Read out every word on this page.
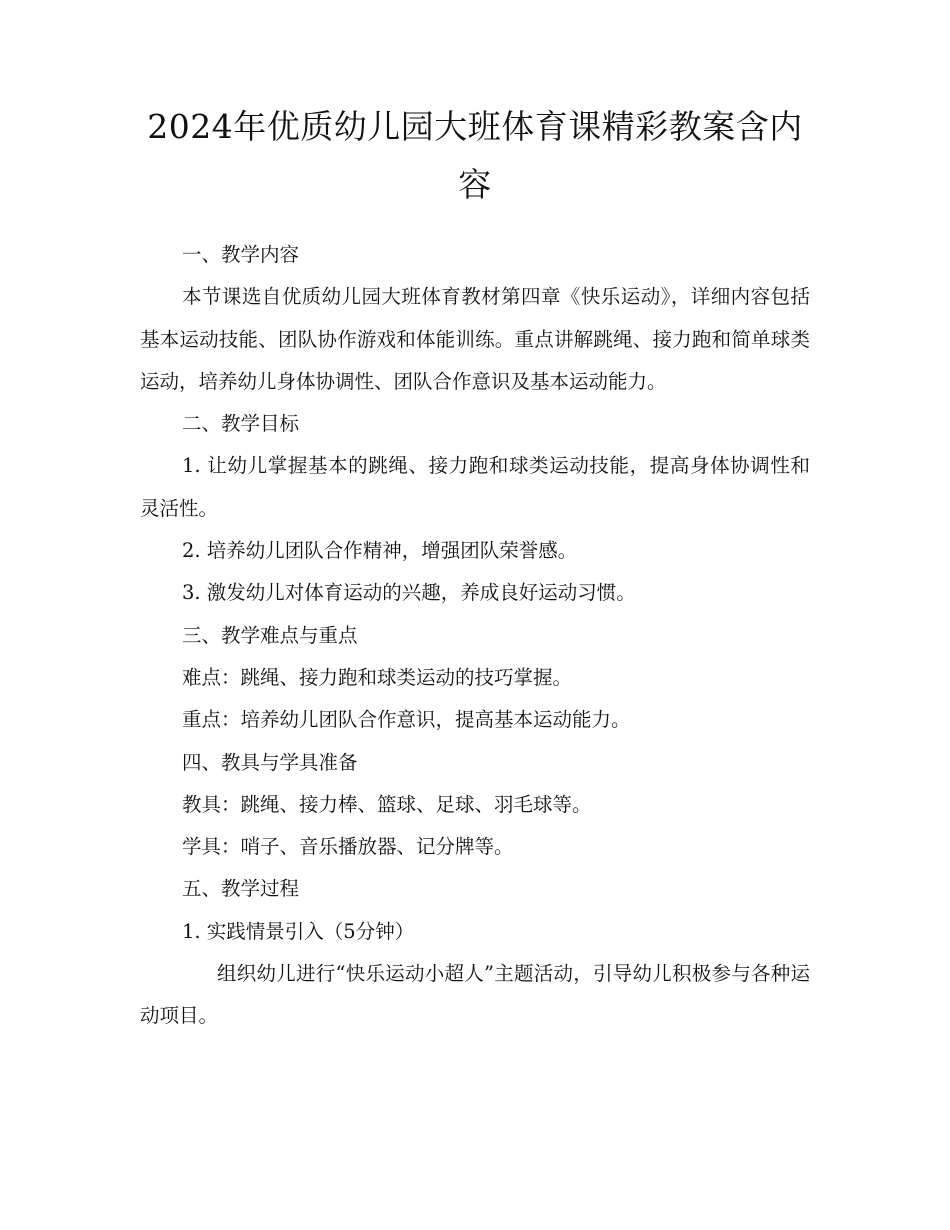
2024年优质幼儿园大班体育课精彩教案含内容

一、教学内容

本节课选自优质幼儿园大班体育教材第四章《快乐运动》，详细内容包括基本运动技能、团队协作游戏和体能训练。重点讲解跳绳、接力跑和简单球类运动，培养幼儿身体协调性、团队合作意识及基本运动能力。

二、教学目标

1. 让幼儿掌握基本的跳绳、接力跑和球类运动技能，提高身体协调性和灵活性。

2. 培养幼儿团队合作精神，增强团队荣誉感。

3. 激发幼儿对体育运动的兴趣，养成良好运动习惯。

三、教学难点与重点

难点：跳绳、接力跑和球类运动的技巧掌握。

重点：培养幼儿团队合作意识，提高基本运动能力。

四、教具与学具准备

教具：跳绳、接力棒、篮球、足球、羽毛球等。

学具：哨子、音乐播放器、记分牌等。

五、教学过程

1. 实践情景引入（5分钟）

组织幼儿进行“快乐运动小超人”主题活动，引导幼儿积极参与各种运动项目。
